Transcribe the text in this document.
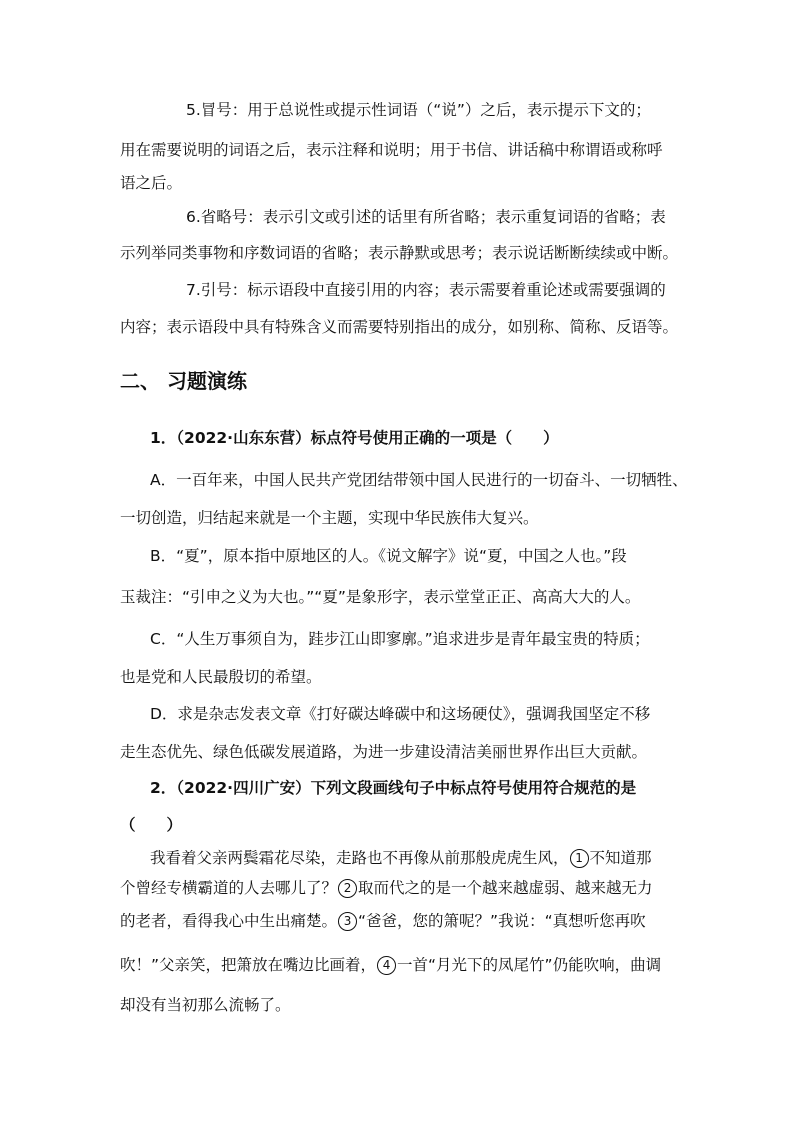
5.冒号：用于总说性或提示性词语（“说”）之后，表示提示下文的；
用在需要说明的词语之后，表示注释和说明；用于书信、讲话稿中称谓语或称呼
语之后。
6.省略号：表示引文或引述的话里有所省略；表示重复词语的省略；表
示列举同类事物和序数词语的省略；表示静默或思考；表示说话断断续续或中断。
7.引号：标示语段中直接引用的内容；表示需要着重论述或需要强调的
内容；表示语段中具有特殊含义而需要特别指出的成分，如别称、简称、反语等。
二、 习题演练
1．（2022·山东东营）标点符号使用正确的一项是（　　）
A．一百年来，中国人民共产党团结带领中国人民进行的一切奋斗、一切牺牲、
一切创造，归结起来就是一个主题，实现中华民族伟大复兴。
B．“夏”，原本指中原地区的人。《说文解字》说“夏，中国之人也。”段
玉裁注：“引申之义为大也。”“夏”是象形字，表示堂堂正正、高高大大的人。
C．“人生万事须自为，跬步江山即寥廓。”追求进步是青年最宝贵的特质；
也是党和人民最殷切的希望。
D．求是杂志发表文章《打好碳达峰碳中和这场硬仗》，强调我国坚定不移
走生态优先、绿色低碳发展道路，为进一步建设清洁美丽世界作出巨大贡献。
2．（2022·四川广安）下列文段画线句子中标点符号使用符合规范的是
（　　）
我看着父亲两鬓霜花尽染，走路也不再像从前那般虎虎生风， 1 不知道那
个曾经专横霸道的人去哪儿了？ 2 取而代之的是一个越来越虚弱、越来越无力
的老者，看得我心中生出痛楚。 3 “爸爸，您的箫呢？”我说：“真想听您再吹
吹！”父亲笑，把箫放在嘴边比画着， 4 一首“月光下的凤尾竹”仍能吹响，曲调
却没有当初那么流畅了。
